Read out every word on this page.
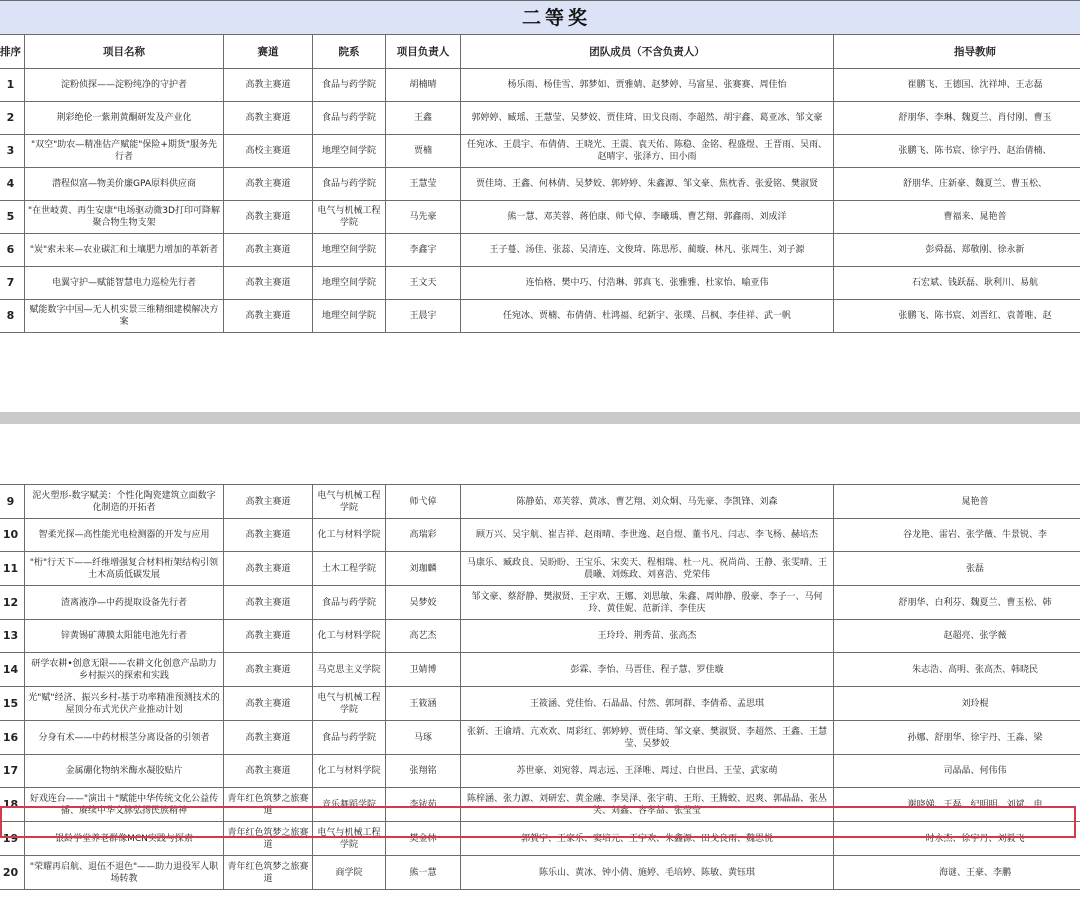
二等奖						
排序	项目名称	赛道	院系	项目负责人	团队成员（不含负责人）	指导教师
1	淀粉侦探——淀粉纯净的守护者	高教主赛道	食品与药学院	胡楠晴	杨乐雨、杨佳雪、郭梦如、贾雅婧、赵梦婷、马富星、张赛赛、周佳怡	崔鹏飞、王德国、沈祥坤、王志磊
2	荆彩绝伦一紫荆黄酮研发及产业化	高教主赛道	食品与药学院	王鑫	郭婷婷、臧瑶、王慧莹、吴梦姣、贾佳琦、田戈良雨、李超然、胡宇鑫、葛亚冰、邹文豪	舒朋华、李琳、魏夏兰、肖付刚、曹玉
3	"双空"助农—精准估产赋能"保险+期货"服务先行者	高校主赛道	地理空间学院	贾楠	任宛冰、王晨宇、布倩倩、王晓光、王震、袁天佑、陈稳、金铭、程盛煜、王晋雨、吴雨、赵晴宇、张泽方、田小雨	张鹏飞、陈书宸、徐宇丹、赵治倩楠、
4	潜程似富—物美价廉GPA原料供应商	高教主赛道	食品与药学院	王慧莹	贾佳琦、王鑫、何林倩、吴梦姣、郭婷婷、朱鑫源、邹文豪、焦枕香、张爱铭、樊淑贤	舒朋华、庄新豪、魏夏兰、曹玉松、
5	"在世岐黄、再生安康"电场驱动微3D打印可降解聚合物生物支架	高教主赛道	电气与机械工程学院	马先豪	熊一慧、邓芙蓉、蒋伯康、师弋倬、李曦瑀、曹艺翔、郭鑫雨、刘成洋	曹福来、晁艳普
6	"炭"索未来—农业碳汇和土壤肥力增加的革新者	高教主赛道	地理空间学院	李鑫宇	王子蔓、汤佳、张蕊、吴清连、文俊琦、陈思彤、蔺璇、林凡、张周生、刘子源	彭舜磊、郑敬刚、徐永新
7	电翼守护—赋能智慧电力巡检先行者	高教主赛道	地理空间学院	王文天	连怡格、樊中巧、付浩琳、郭真飞、张雅雅、杜家怡、喻亚伟	石宏斌、钱跃磊、耿利川、易航
8	赋能数字中国—无人机实景三维精细建模解决方案	高教主赛道	地理空间学院	王晨宇	任宛冰、贾楠、布倩倩、杜鸿福、纪新宇、张璞、吕枫、李佳祥、武一帆	张鹏飞、陈书宸、刘晋红、袁菁唯、赵
9	泥火塑形-数字赋美：个性化陶瓷建筑立面数字化制造的开拓者	高教主赛道	电气与机械工程学院	师弋倬	陈静茹、邓芙蓉、黄冰、曹艺翔、刘众烔、马先豪、李凯锋、刘森	晁艳普
10	智柔光探—高性能光电检测器的开发与应用	高教主赛道	化工与材料学院	高瑞彩	顾万兴、吴宇航、崔吉祥、赵雨晴、李世逸、赵自煜、董书凡、闫志、李飞杨、赫培杰	谷龙艳、雷岩、张学薇、牛景锐、李
11	"桁"行天下——纤维增强复合材料桁架结构引领土木高质低碳发展	高教主赛道	土木工程学院	刘珈麟	马康乐、臧政良、吴盼盼、王宝乐、宋奕天、程相瑞、杜一凡、祝尚尚、王静、张雯晴、王晨曦、刘炼政、刘喜浩、党荣伟	张磊
12	渣离液净—中药提取设备先行者	高教主赛道	食品与药学院	吴梦姣	邹文豪、蔡舒静、樊淑贤、王宇欢、王娜、刘思敏、朱鑫、周帅静、殷豪、李子一、马何玲、黄佳妮、范新洋、李佳庆	舒朋华、白利芬、魏夏兰、曹玉松、韩
13	锌黄锡矿薄膜太阳能电池先行者	高教主赛道	化工与材料学院	高艺杰	王玲玲、荆秀苗、张高杰	赵超亮、张学薇
14	研学农耕•创意无限——农耕文化创意产品助力乡村振兴的探索和实践	高教主赛道	马克思主义学院	卫婧博	彭霖、李怡、马晋佳、程子慧、罗佳璇	朱志浩、高明、张高杰、韩晓民
15	光"赋"经济、振兴乡村-基于功率精准预测技术的屋顶分布式光伏产业推动计划	高教主赛道	电气与机械工程学院	王筱涵	王筱涵、党佳怡、石晶晶、付然、郭珂群、李倩希、孟思琪	刘玲棍
16	分身有术——中药材根茎分离设备的引领者	高教主赛道	食品与药学院	马琢	张新、王谕靖、亢欢欢、周彩红、郭婷婷、贾佳琦、邹文豪、樊淑贤、李超然、王鑫、王慧莹、吴梦姣	孙娜、舒朋华、徐宇丹、王淼、梁
17	金属硼化物纳米酶水凝胶贴片	高教主赛道	化工与材料学院	张翔铭	苏世豪、刘宛蓉、周志远、王泽唯、周过、白世昌、王莹、武家萌	司晶晶、何伟伟
18	好戏连台——"演出＋"赋能中华传统文化公益传播、赓续中华文脉弘扬民族精神	青年红色筑梦之旅赛道	音乐舞蹈学院	李铱茹	陈梓涵、张力源、刘研宏、黄金融、李昊泽、张宇萌、王珩、王腾蛟、迟爽、郭晶晶、张丛笑、刘鑫、容孝喆、张莹莹	谢晓娣、王磊、纪明明、刘斌、申
19	银龄学堂养老群像MCN实践与探索	青年红色筑梦之旅赛道	电气与机械工程学院	樊金林	郭賀宇、王家乐、窦培元、王宇欢、朱鑫源、田戈良雨、魏思悦	时永杰、徐宇丹、刘毅飞
20	"荣耀再启航、退伍不退色"——助力退役军人职场转教	青年红色筑梦之旅赛道	商学院	熊一慧	陈乐山、黄冰、钟小倩、施婷、毛培婷、陈敏、黄钰琪	海谜、王豪、李鹏
